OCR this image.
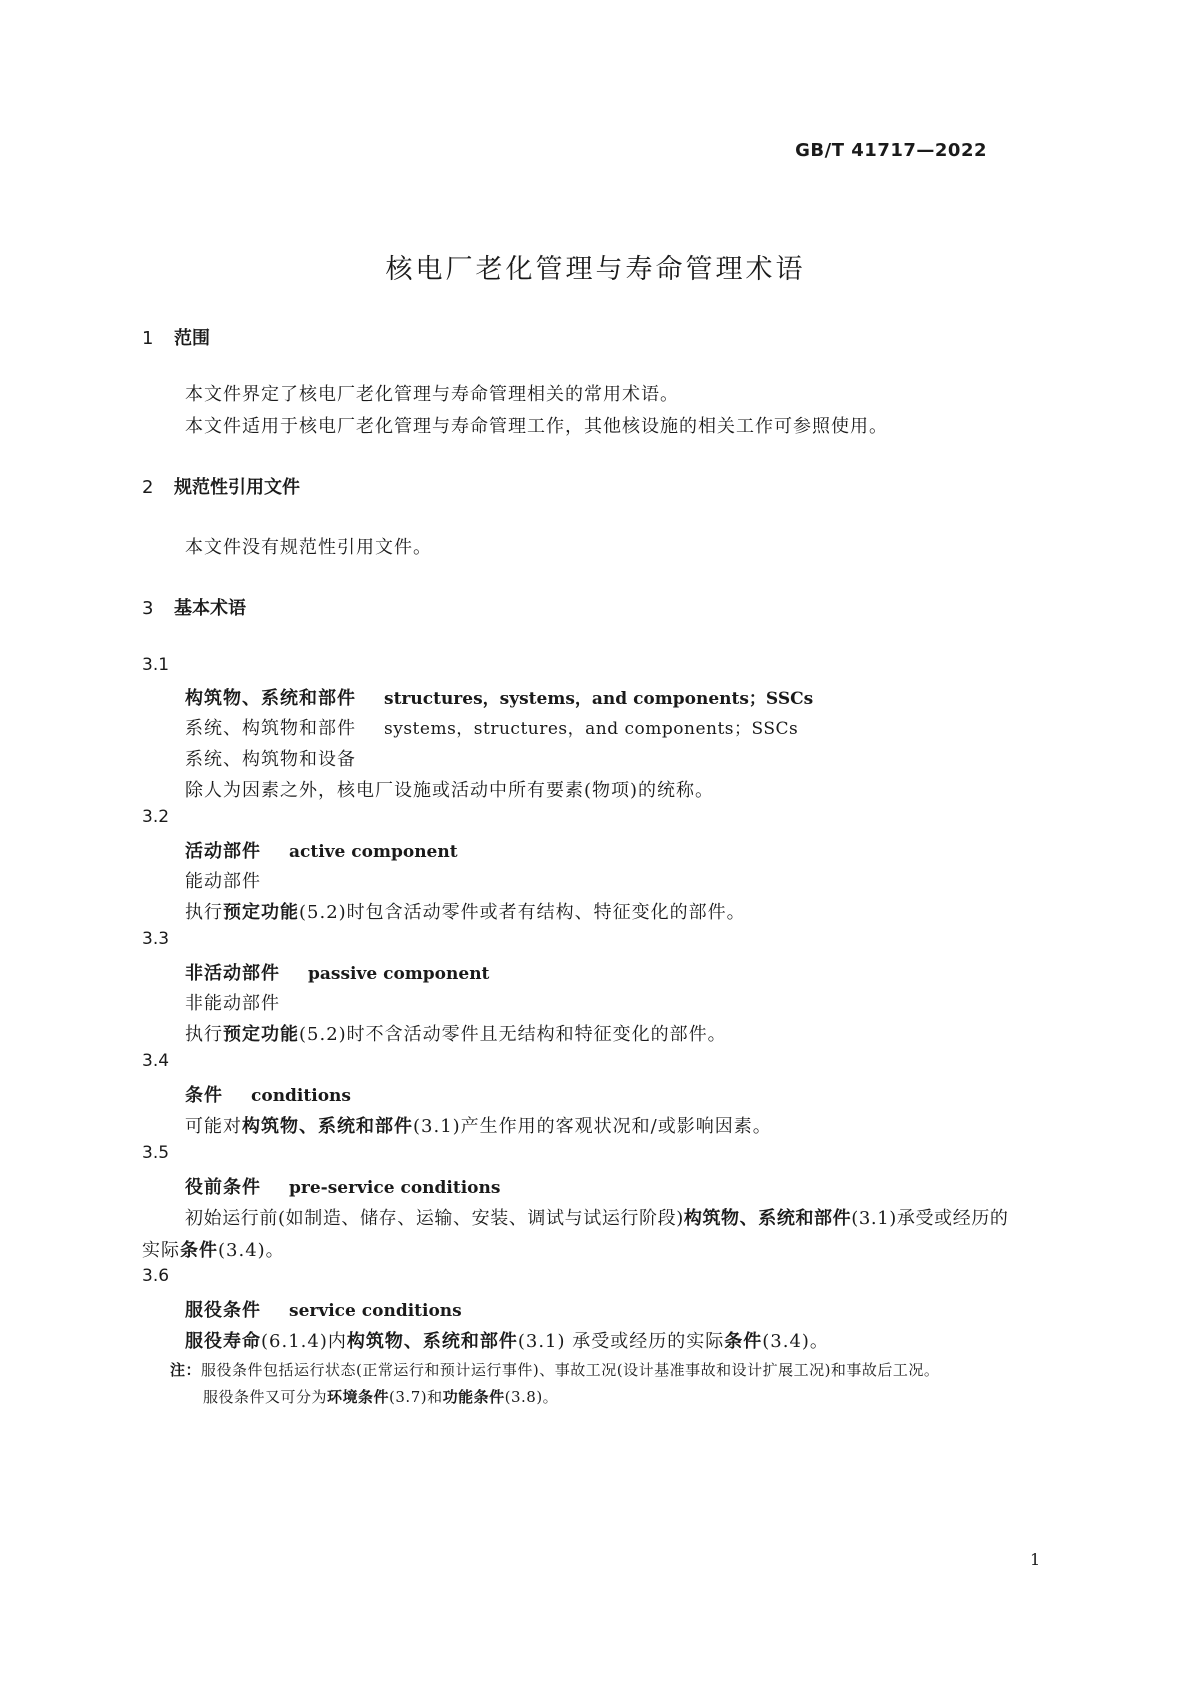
GB/T 41717—2022
核电厂老化管理与寿命管理术语
1 范围
本文件界定了核电厂老化管理与寿命管理相关的常用术语。
本文件适用于核电厂老化管理与寿命管理工作，其他核设施的相关工作可参照使用。
2 规范性引用文件
本文件没有规范性引用文件。
3 基本术语
3.1
构筑物、系统和部件 structures，systems，and components；SSCs
系统、构筑物和部件 systems，structures，and components；SSCs
系统、构筑物和设备
除人为因素之外，核电厂设施或活动中所有要素(物项)的统称。
3.2
活动部件 active component
能动部件
执行预定功能(5.2)时包含活动零件或者有结构、特征变化的部件。
3.3
非活动部件 passive component
非能动部件
执行预定功能(5.2)时不含活动零件且无结构和特征变化的部件。
3.4
条件 conditions
可能对构筑物、系统和部件(3.1)产生作用的客观状况和/或影响因素。
3.5
役前条件 pre-service conditions
初始运行前(如制造、储存、运输、安装、调试与试运行阶段)构筑物、系统和部件(3.1)承受或经历的
实际条件(3.4)。
3.6
服役条件 service conditions
服役寿命(6.1.4)内构筑物、系统和部件(3.1) 承受或经历的实际条件(3.4)。
注：服役条件包括运行状态(正常运行和预计运行事件)、事故工况(设计基准事故和设计扩展工况)和事故后工况。
服役条件又可分为环境条件(3.7)和功能条件(3.8)。
1
